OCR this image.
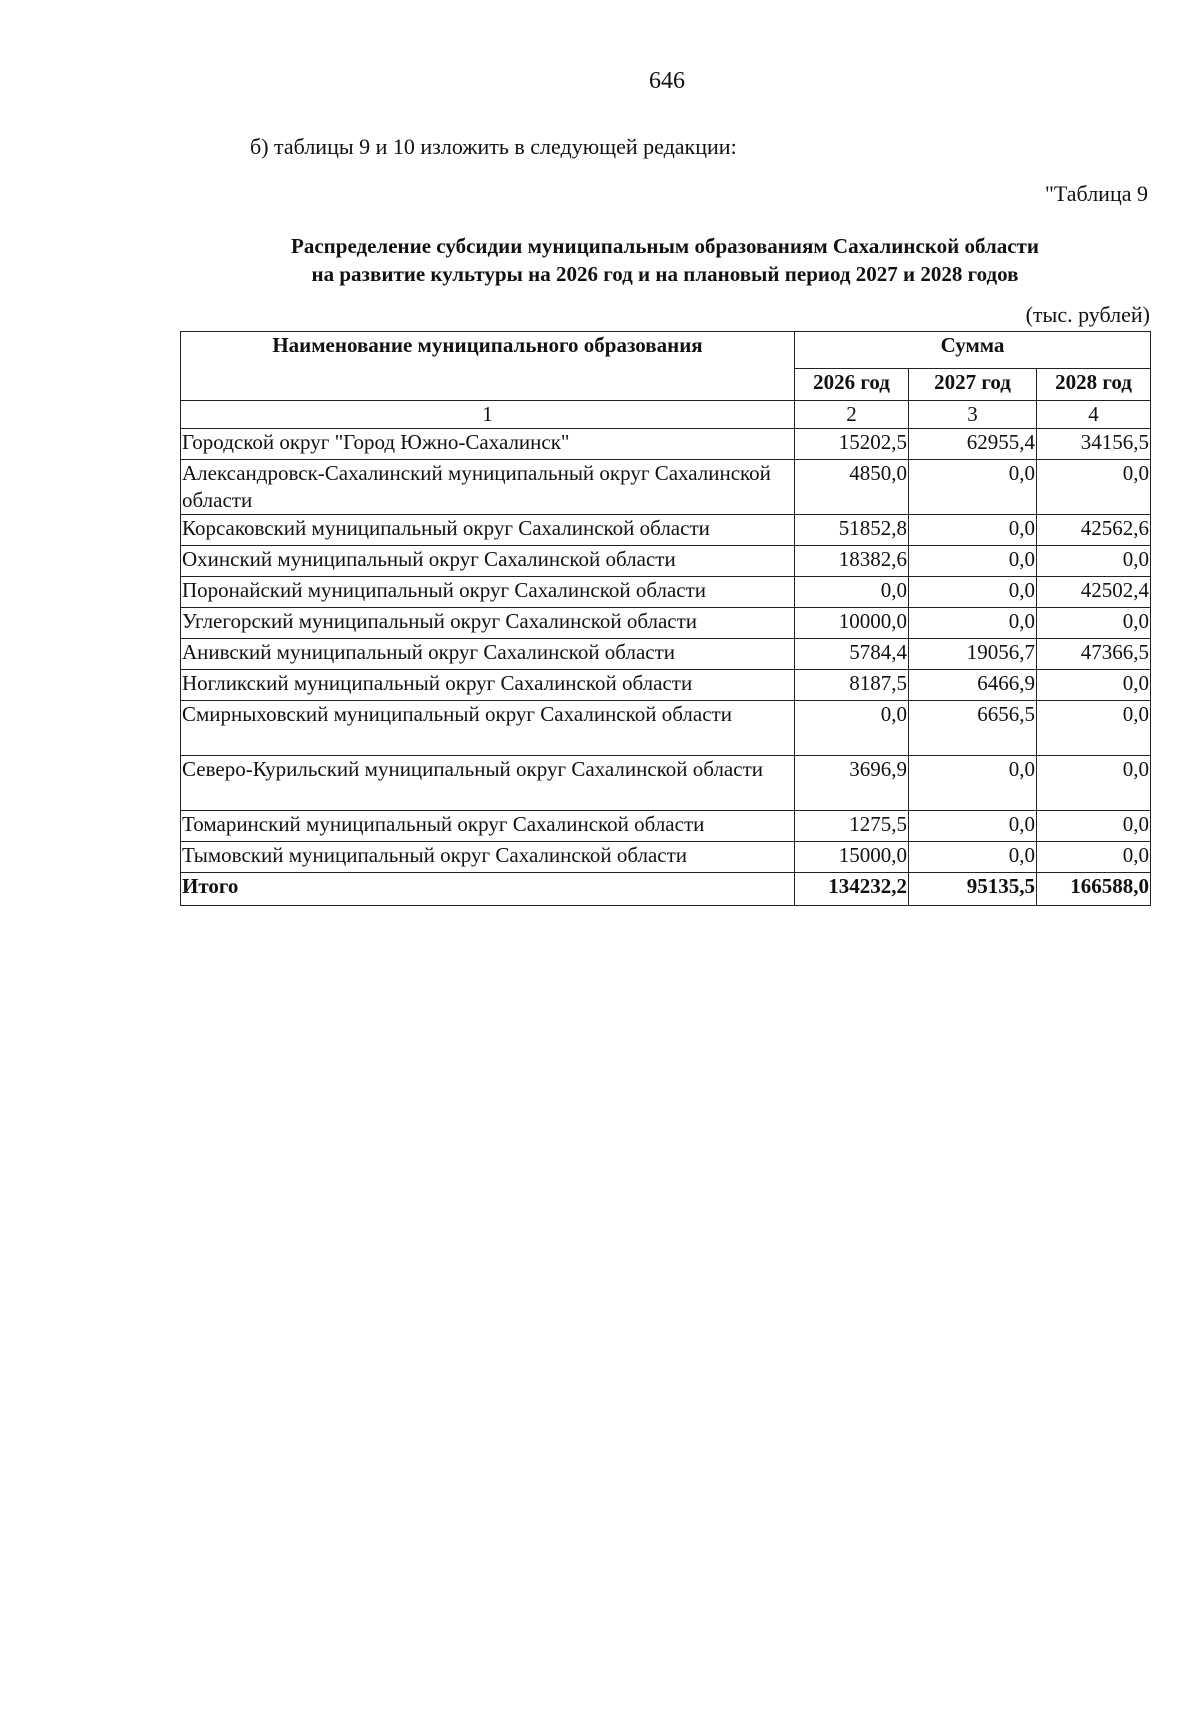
646
б) таблицы 9 и 10 изложить в следующей редакции:
"Таблица 9
Распределение субсидии муниципальным образованиям Сахалинской области
на развитие культуры на 2026 год и на плановый период 2027 и 2028 годов
(тыс. рублей)
Наименование муниципального образования	Сумма		
	2026 год	2027 год	2028 год
1	2	3	4
Городской округ "Город Южно-Сахалинск"	15202,5	62955,4	34156,5
Александровск-Сахалинский муниципальный округ Сахалинской области	4850,0	0,0	0,0
Корсаковский муниципальный округ Сахалинской области	51852,8	0,0	42562,6
Охинский муниципальный округ Сахалинской области	18382,6	0,0	0,0
Поронайский муниципальный округ Сахалинской области	0,0	0,0	42502,4
Углегорский муниципальный округ Сахалинской области	10000,0	0,0	0,0
Анивский муниципальный округ Сахалинской области	5784,4	19056,7	47366,5
Ногликский муниципальный округ Сахалинской области	8187,5	6466,9	0,0
Смирныховский муниципальный округ Сахалинской области	0,0	6656,5	0,0
Северо-Курильский муниципальный округ Сахалинской области	3696,9	0,0	0,0
Томаринский муниципальный округ Сахалинской области	1275,5	0,0	0,0
Тымовский муниципальный округ Сахалинской области	15000,0	0,0	0,0
Итого	134232,2	95135,5	166588,0
